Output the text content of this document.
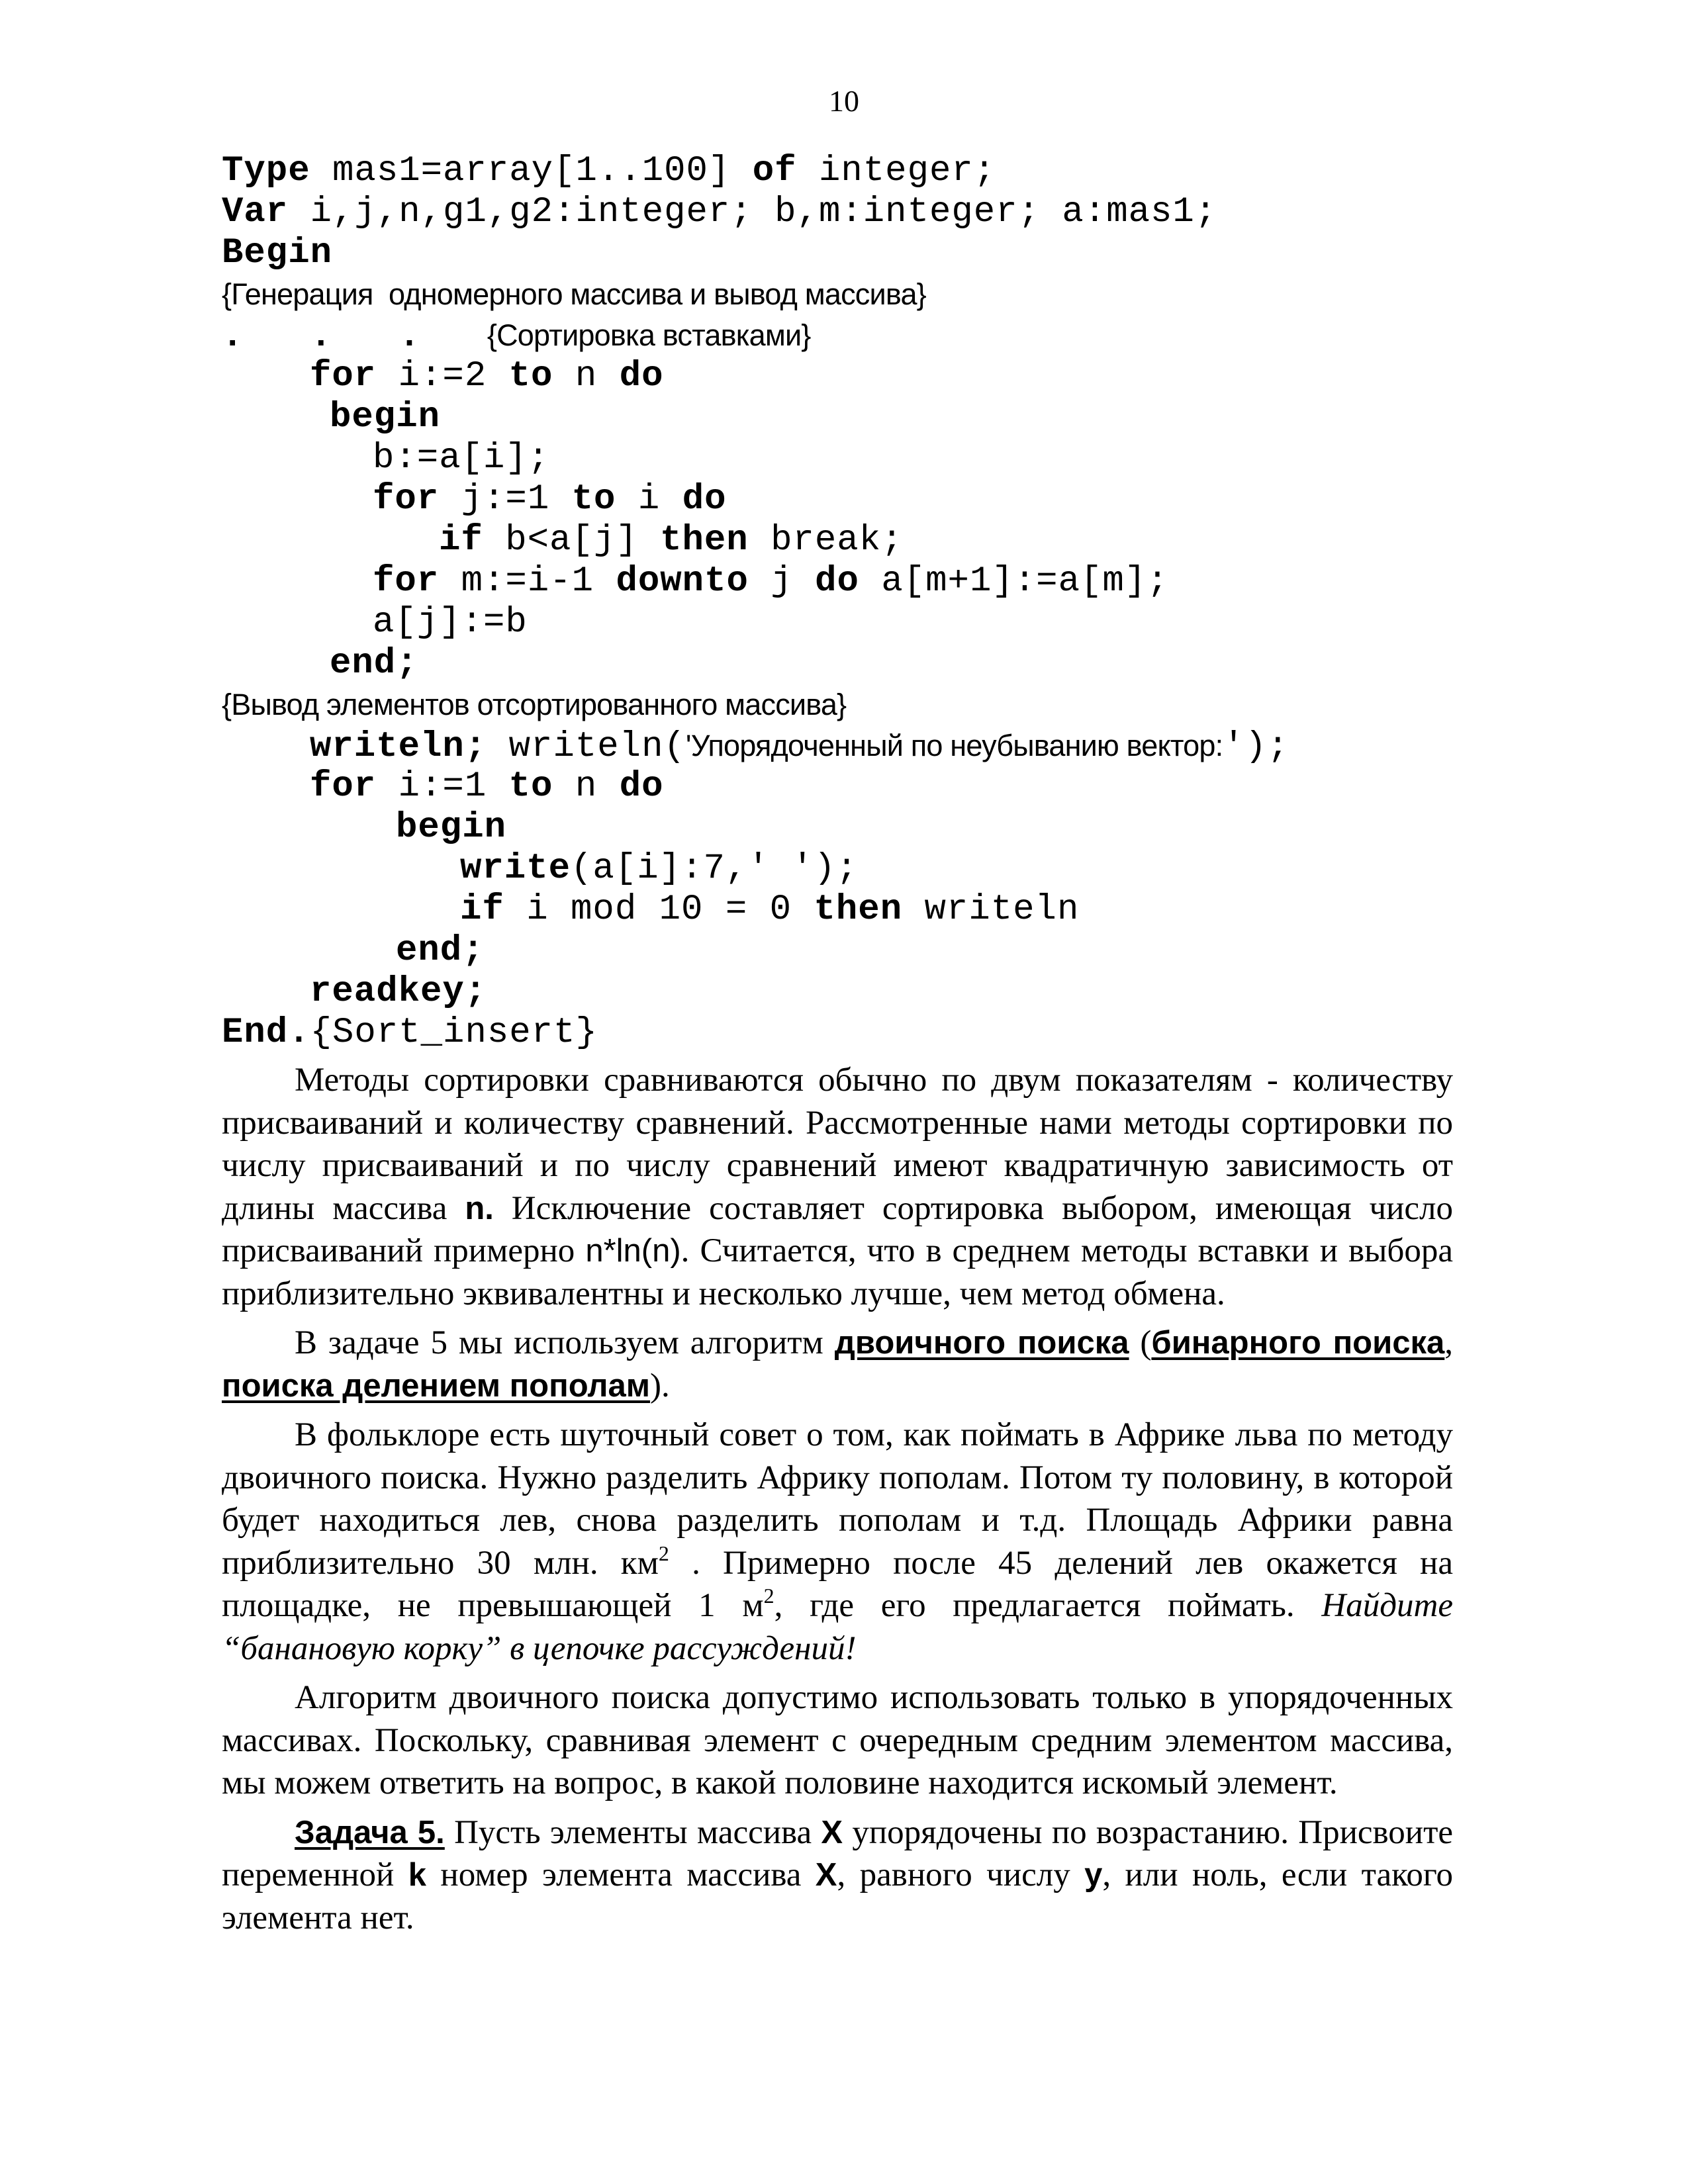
10
Type mas1=array[1..100] of integer;
Var i,j,n,g1,g2:integer; b,m:integer; a:mas1;
Begin
{Генерация  одномерного массива и вывод массива}
.   .   .   {Сортировка вставками}
for i:=2 to n do
begin
b:=a[i];
for j:=1 to i do
if b<a[j] then break;
for m:=i-1 downto j do a[m+1]:=a[m];
a[j]:=b
end;
{Вывод элементов отсортированного массива}
writeln; writeln('Упорядоченный по неубыванию вектор:');
for i:=1 to n do
begin
write(a[i]:7,' ');
if i mod 10 = 0 then writeln
end;
readkey;
End.{Sort_insert}

Методы сортировки сравниваются обычно по двум показателям - количеству присваиваний и количеству сравнений. Рассмотренные нами методы сортировки по числу присваиваний и по числу сравнений имеют квадратичную зависимость от длины массива n. Исключение составляет сортировка выбором, имеющая число присваиваний примерно n*ln(n). Считается, что в среднем методы вставки и выбора приблизительно эквивалентны и несколько лучше, чем метод обмена.

В задаче 5 мы используем алгоритм двоичного поиска (бинарного поиска, поиска делением пополам).

В фольклоре есть шуточный совет о том, как поймать в Африке льва по методу двоичного поиска. Нужно разделить Африку пополам. Потом ту половину, в которой будет находиться лев, снова разделить пополам и т.д. Площадь Африки равна приблизительно 30 млн. $км^2$ . Примерно после 45 делений лев окажется на площадке, не превышающей 1 $м^2$, где его предлагается поймать. Найдите “банановую корку” в цепочке рассуждений!

Алгоритм двоичного поиска допустимо использовать только в упорядоченных массивах. Поскольку, сравнивая элемент с очередным средним элементом массива, мы можем ответить на вопрос, в какой половине находится искомый элемент.

Задача 5. Пусть элементы массива X упорядочены по возрастанию. Присвоите переменной k номер элемента массива X, равного числу y, или ноль, если такого элемента нет.
